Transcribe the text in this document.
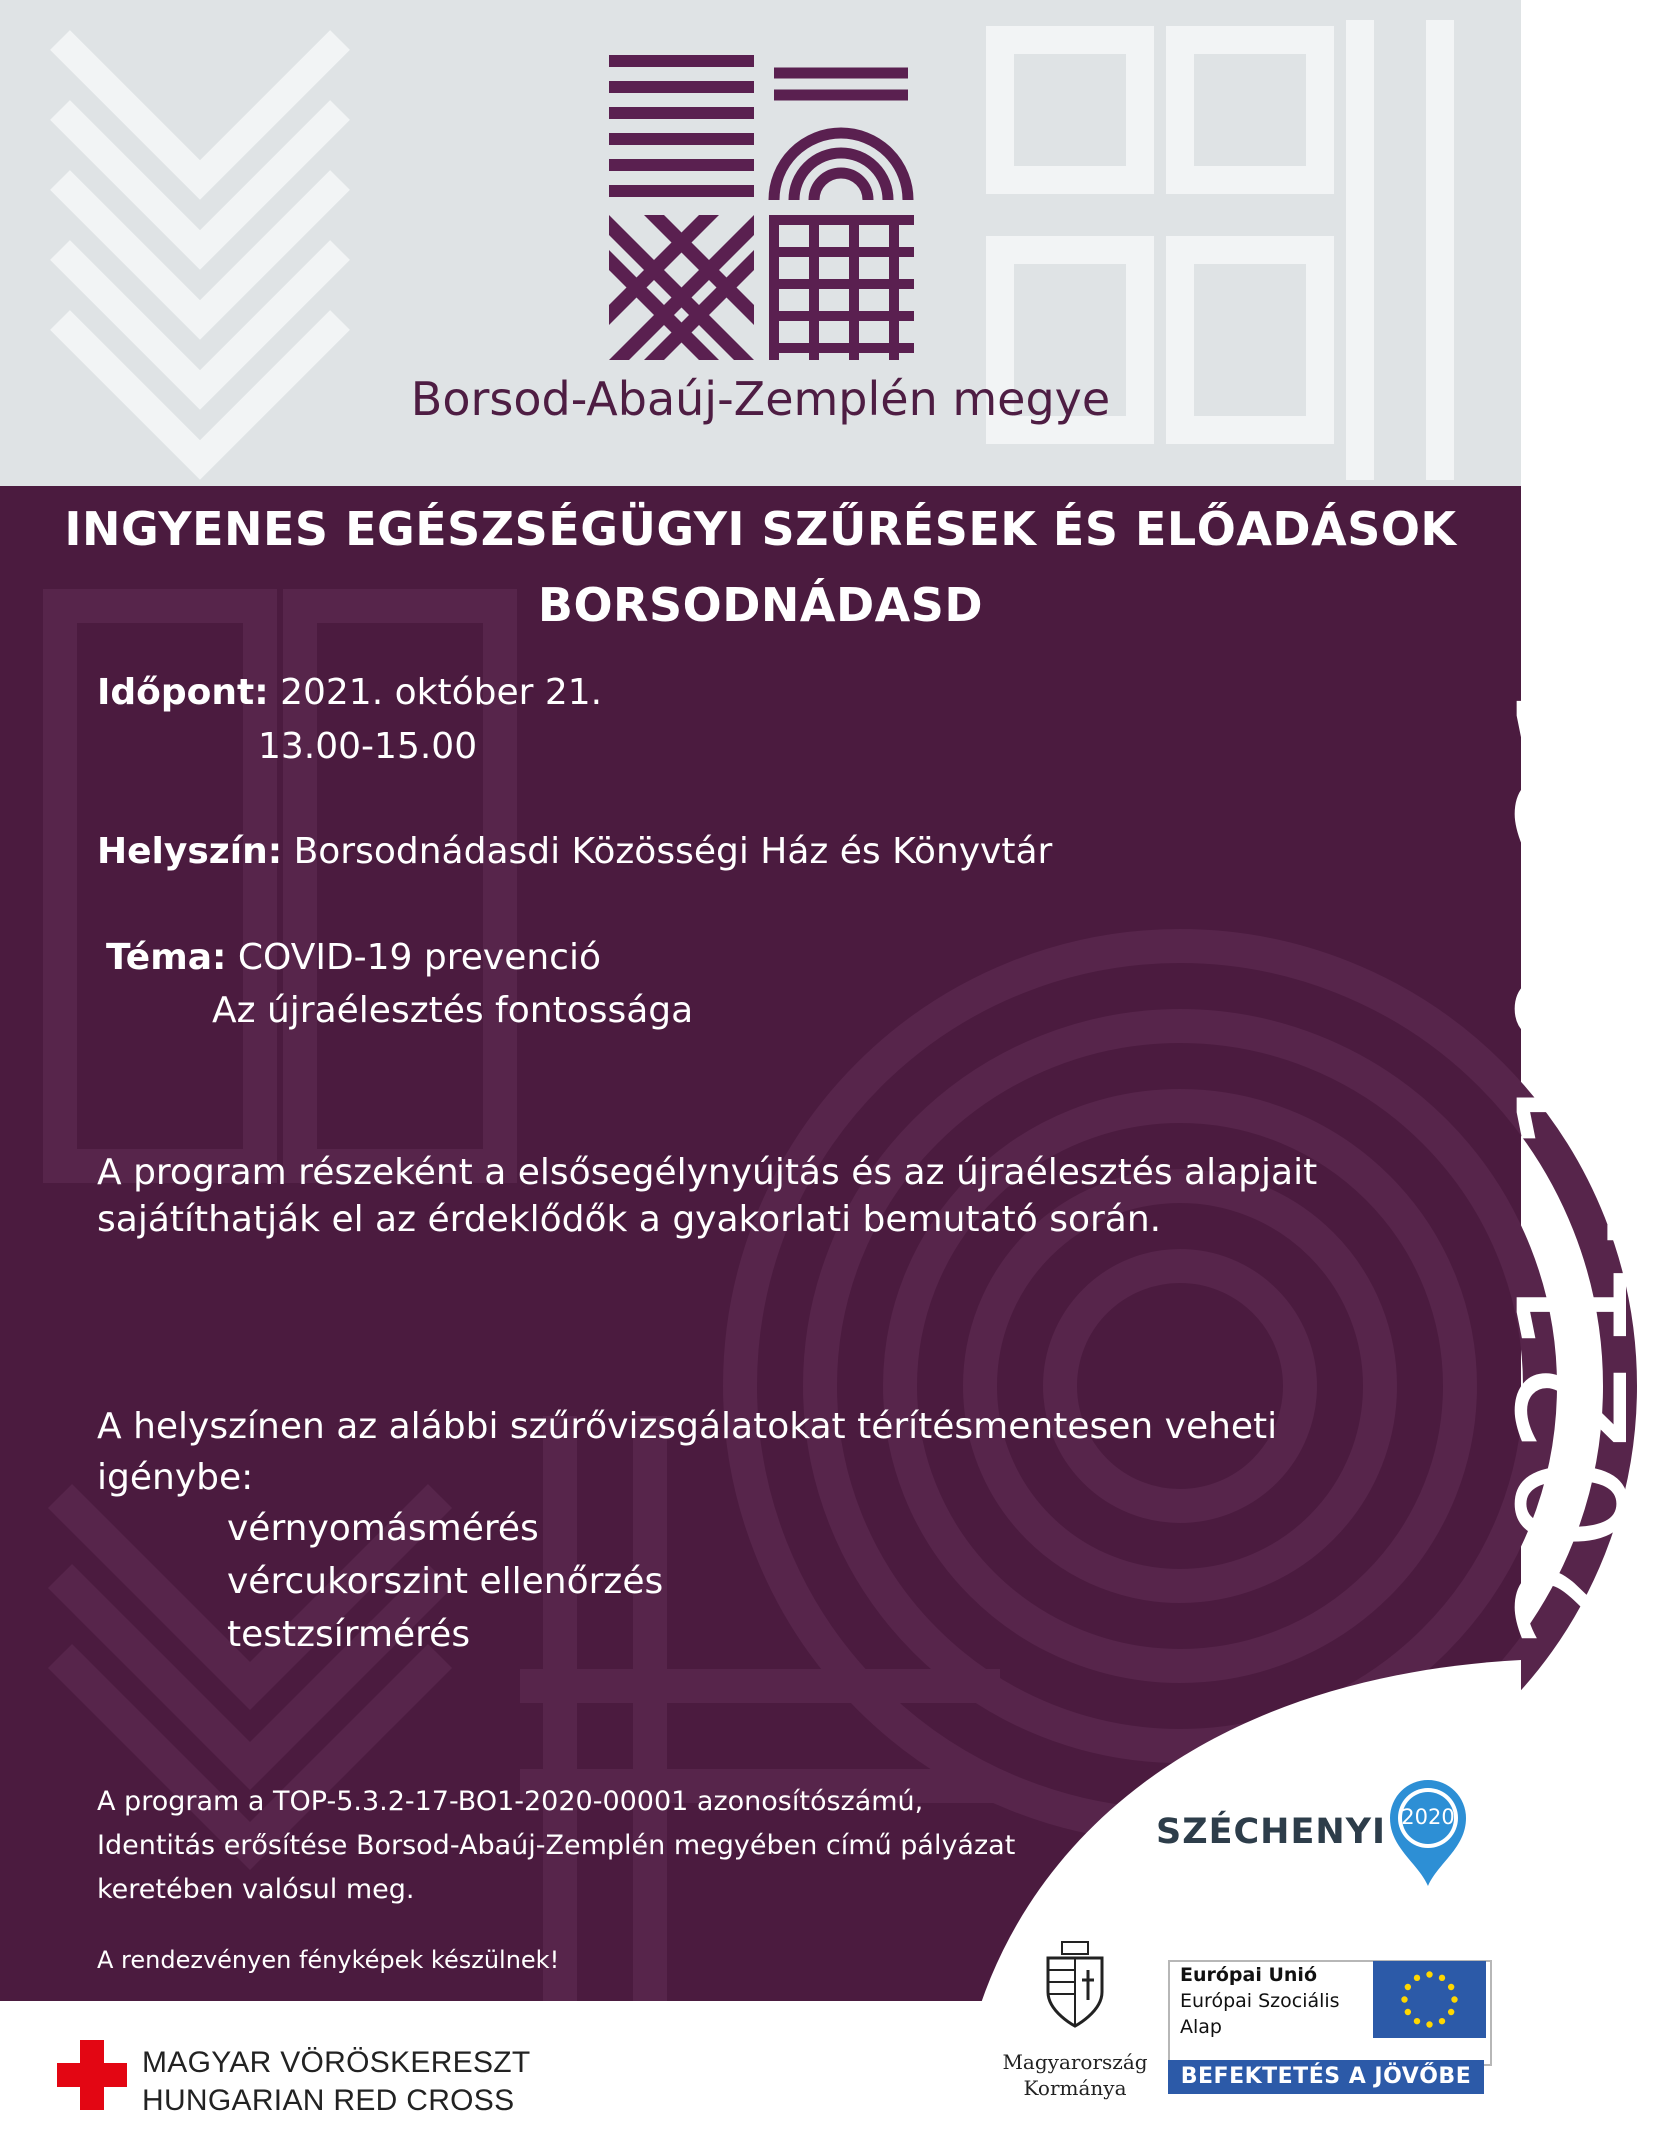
Borsod-Abaúj-Zemplén megye
INGYENES EGÉSZSÉGÜGYI SZŰRÉSEK ÉS ELŐADÁSOK
BORSODNÁDASD
Időpont: 2021. október 21.
13.00-15.00
Helyszín: Borsodnádasdi Közösségi Ház és Könyvtár
Téma: COVID-19 prevenció
Az újraélesztés fontossága
A program részeként a elsősegélynyújtás és az újraélesztés alapjait
sajátíthatják el az érdeklődők a gyakorlati bemutató során.
A helyszínen az alábbi szűrővizsgálatokat térítésmentesen veheti
igénybe:
vérnyomásmérés
vércukorszint ellenőrzés
testzsírmérés	2021. 10. 21.
A program a TOP-5.3.2-17-BO1-2020-00001 azonosítószámú,
Identitás erősítése Borsod-Abaúj-Zemplén megyében című pályázat
keretében valósul meg.
A rendezvényen fényképek készülnek!
SZÉCHENYI 2020
Magyarország
Kormánya
Európai Unió
Európai Szociális
Alap
BEFEKTETÉS A JÖVŐBE
MAGYAR VÖRÖSKERESZT
HUNGARIAN RED CROSS
